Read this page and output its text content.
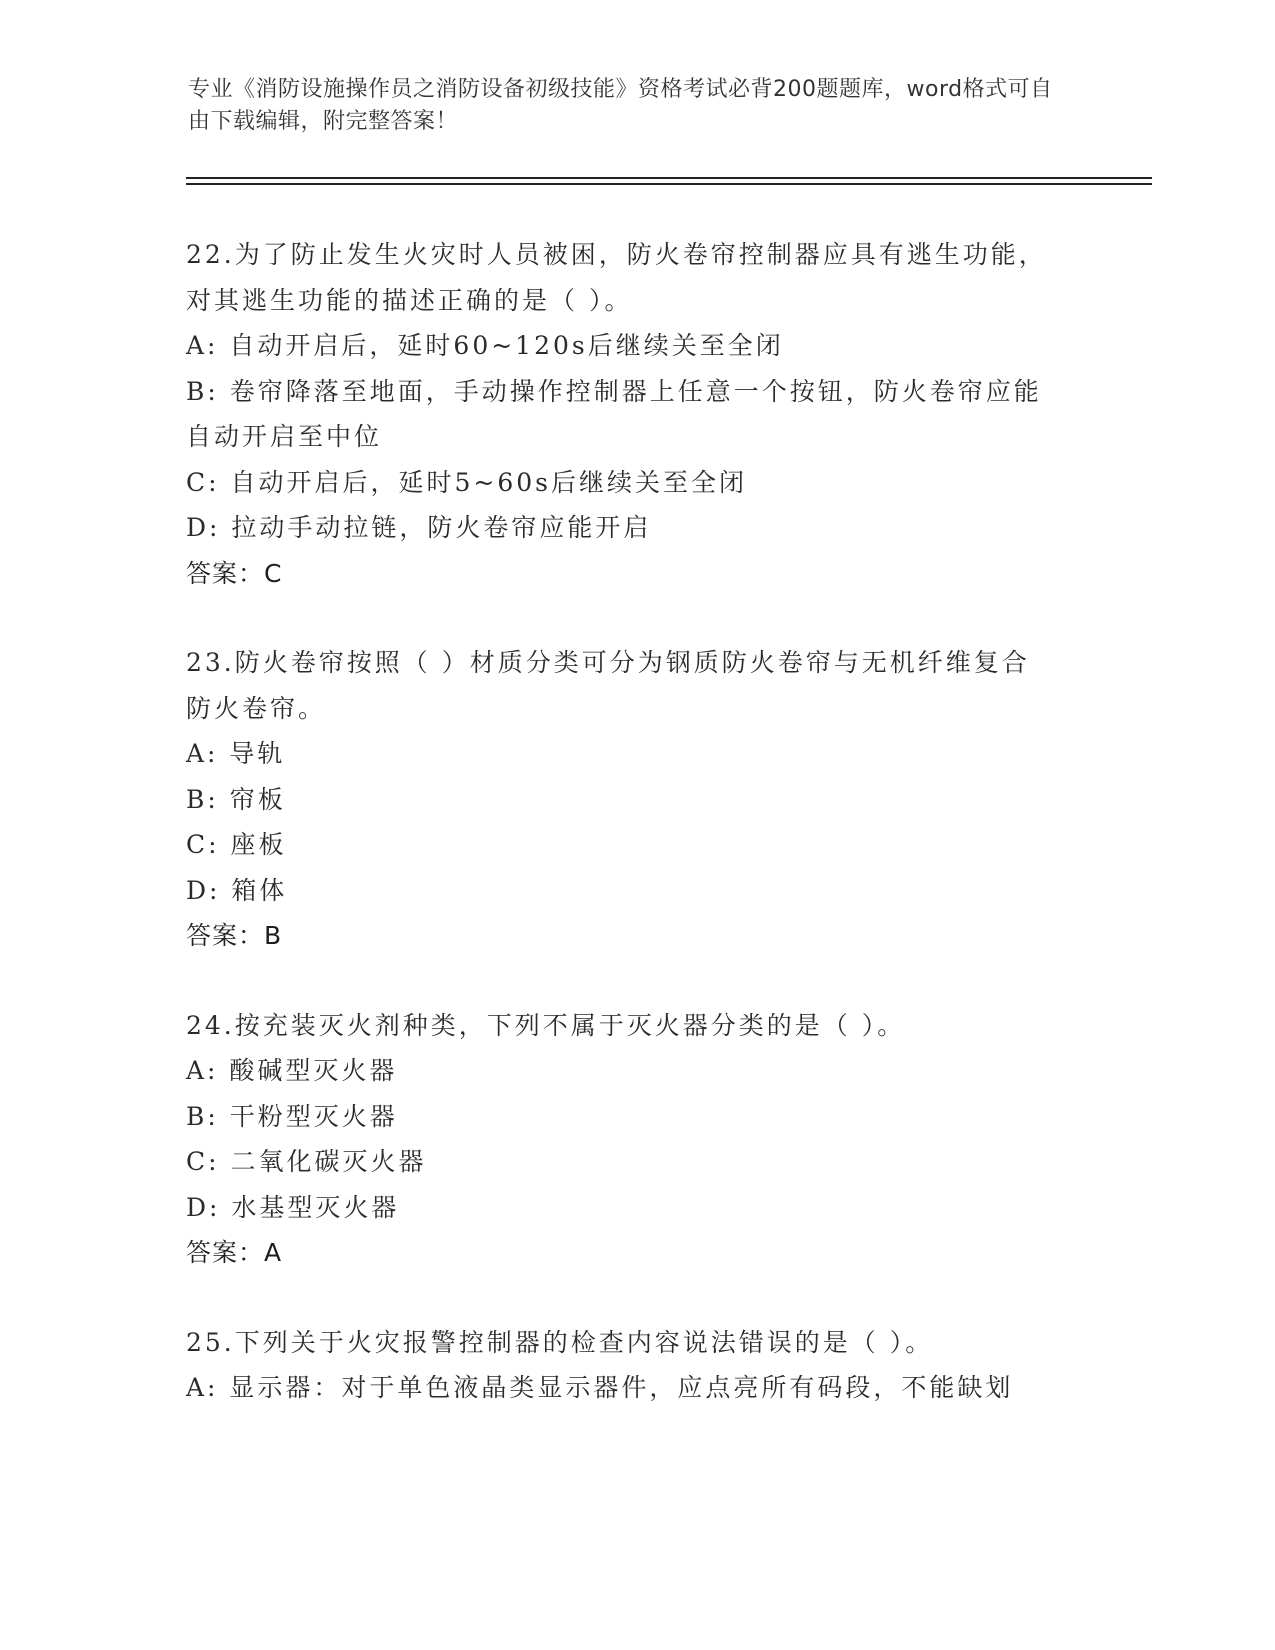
专业《消防设施操作员之消防设备初级技能》资格考试必背200题题库，word格式可自由下载编辑，附完整答案！

22.为了防止发生火灾时人员被困，防火卷帘控制器应具有逃生功能，

对其逃生功能的描述正确的是（ ）。

A: 自动开启后，延时60~120s后继续关至全闭

B: 卷帘降落至地面，手动操作控制器上任意一个按钮，防火卷帘应能

自动开启至中位

C: 自动开启后，延时5~60s后继续关至全闭

D: 拉动手动拉链，防火卷帘应能开启

答案：C

23.防火卷帘按照（ ）材质分类可分为钢质防火卷帘与无机纤维复合

防火卷帘。

A: 导轨

B: 帘板

C: 座板

D: 箱体

答案：B

24.按充装灭火剂种类，下列不属于灭火器分类的是（ ）。

A: 酸碱型灭火器

B: 干粉型灭火器

C: 二氧化碳灭火器

D: 水基型灭火器

答案：A

25.下列关于火灾报警控制器的检查内容说法错误的是（ ）。

A: 显示器：对于单色液晶类显示器件，应点亮所有码段，不能缺划
